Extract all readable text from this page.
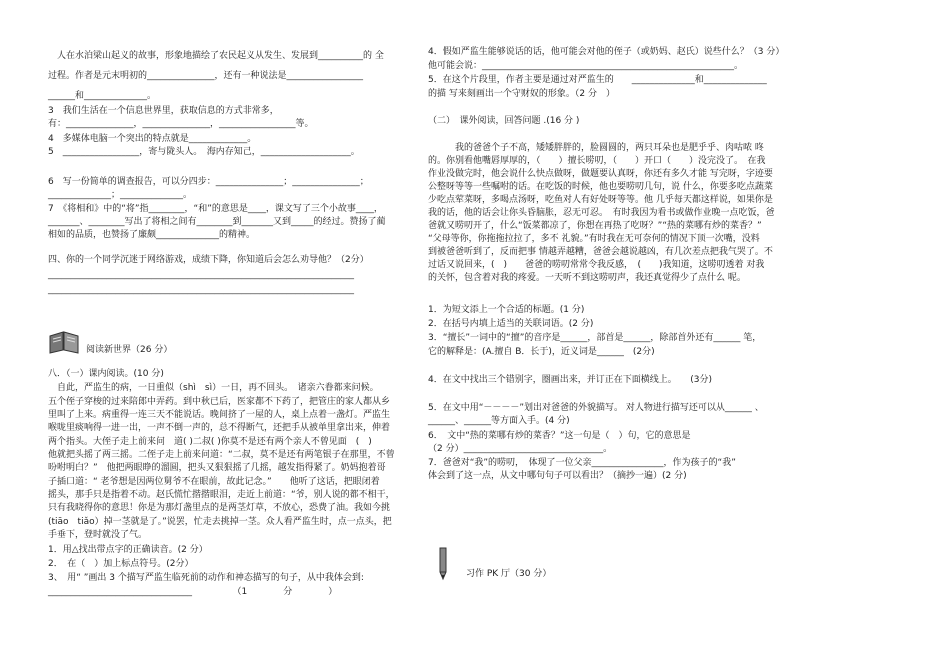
　人在水泊梁山起义的故事，形象地描绘了农民起义从发生、发展到__________的 全
过程。作者是元末明初的_______________，还有一种说法是_________________
______和______________。
3　我们生活在一个信息世界里，获取信息的方式非常多，
有：_______________，_______________，_________________等。
4　多媒体电脑一个突出的特点就是_____________。
5　_________________，寄与陇头人。　海内存知己，____________________。
6　写一份简单的调查报告，可以分四步：_______________；_______________；
______________；______________。
7　《将相和》中的“将”指________，“和”的意思是____，课文写了三个小故事____，
_______、________写出了将相之间有________到_______又到_____的经过。赞扬了蔺
相如的品质，也赞扬了廉颇______________的精神。
四、你的一个同学沉迷于网络游戏，成绩下降，你知道后会怎么劝导他？（2分）
____________________________________________________________________
____________________________________________________________________
阅读新世界（26 分）
八．（一）课内阅读。(10 分)
　自此，严监生的病，一日重似（shì　sì）一日，再不回头。　诸亲六眷都来问候。
五个侄子穿梭的过来陪郎中弄药。到中秋已后，医家都不下药了，把管庄的家人都从乡
里叫了上来。病重得一连三天不能说话。晚间挤了一屋的人，桌上点着一盏灯。严监生
喉咙里痰响得一进一出，一声不倒一声的，总不得断气，还把手从被单里拿出来，伸着
两个指头。大侄子走上前来问　道( )二叔( )你莫不是还有两个亲人不曾见面　(　)
他就把头摇了两三摇。二侄子走上前来问道：“二叔，莫不是还有两笔银子在那里，不曾
吩咐明白？”　他把两眼睁的溜圆，把头又狠狠摇了几摇，越发指得紧了。奶妈抱着哥
子插口道：“ 老爷想是因两位舅爷不在眼前，故此记念。”　　他听了这话，把眼闭着
摇头，那手只是指着不动。赵氏慌忙揩揩眼泪，走近上前道：“爷，别人说的都不相干，
只有我晓得你的意思！你是为那灯盏里点的是两茎灯草，不放心，恐费了油。我如今挑
(tiāo　tiǎo）掉一茎就是了。”说罢，忙走去挑掉一茎。众人看严监生时，点一点头，把
手垂下，登时就没了气。
1．用△找出带点字的正确读音。(2 分）
2．　在（　）加上标点符号。(2分）
3、　用“ ”画出 3 个描写严监生临死前的动作和神态描写的句子，从中我体会到:
________________________________　　　　　（1　　　　分　　　　）
4．假如严监生能够说话的话，他可能会对他的侄子（或奶妈、赵氏）说些什么？（3 分）
他可能会说：________________________________________________________。
5．在这个片段里，作者主要是通过对严监生的　　______________和______________
的描 写来刻画出一个守财奴的形象。（2 分　）
（二）　课外阅读，回答问题 .(16 分 )
　　　我的爸爸个子不高，矮矮胖胖的，脸圆圆的，两只耳朵也是肥乎乎、肉咕哝 咚
的。你别看他嘴唇厚厚的，（　　）擅长唠叨，（　　）开口（　　）没完没了。　在我
作业没做完时，他会说什么快点做呀，做题要认真呀，你还有多久才能 写完呀，字迹要
公整呀等等一些嘱咐的话。在吃饭的时候，他也要唠叨几句，说 什么，你要多吃点蔬菜
少吃点荤菜呀，多喝点汤呀，吃鱼对人有好处呀等等。他 几乎每天都这样说，如果你是
我的话，他的话会让你头昏脑胀，忍无可忍。　有时我因为看书或做作业晚一点吃饭，爸
爸就又唠叨开了，什么“饭菜都凉了，你想在再热了吃呀？”“热的菜哪有炒的菜香？”
“父母等你，你拖拖拉拉了，多不 礼貌。”有时我在无可奈何的情况下顶一次嘴，没料
到被爸爸听到了，反而把事 情越弄越糟，爸爸会越说越凶，有几次差点把我气哭了。不
过话又说回来，(　)　　爸爸的唠叨常常令我反感，　(　　)我知道，这唠叨透着 对我
的关怀，包含着对我的疼爱。一天听不到这唠叨声，我还真觉得少了点什么 呢。
1．为短文添上一个合适的标题。(1 分)
2．在括号内填上适当的关联词语。(2 分)
3．“擅长”一词中的“擅”的音序是______，部首是______，除部首外还有______ 笔，
它的解释是：(A.擅自 B．长于)，近义词是______　(2分)
4．在文中找出三个错别字，圈画出来，并订正在下面横线上。　　(3分)
5．在文中用“－－－－”划出对爸爸的外貌描写。 对人物进行描写还可以从______ 、
______、______等方面入手。(4 分)
6．　文中“热的菜哪有炒的菜香？”这一句是（　）句，它的意思是
（2 分）_______________________________。
7．爸爸对“我”的唠叨，　体现了一位父亲________________，作为孩子的“我”
体会到了这一点，从文中哪句句子可以看出？（摘抄一遍）(2 分)
习作 PK 厅（30 分）
